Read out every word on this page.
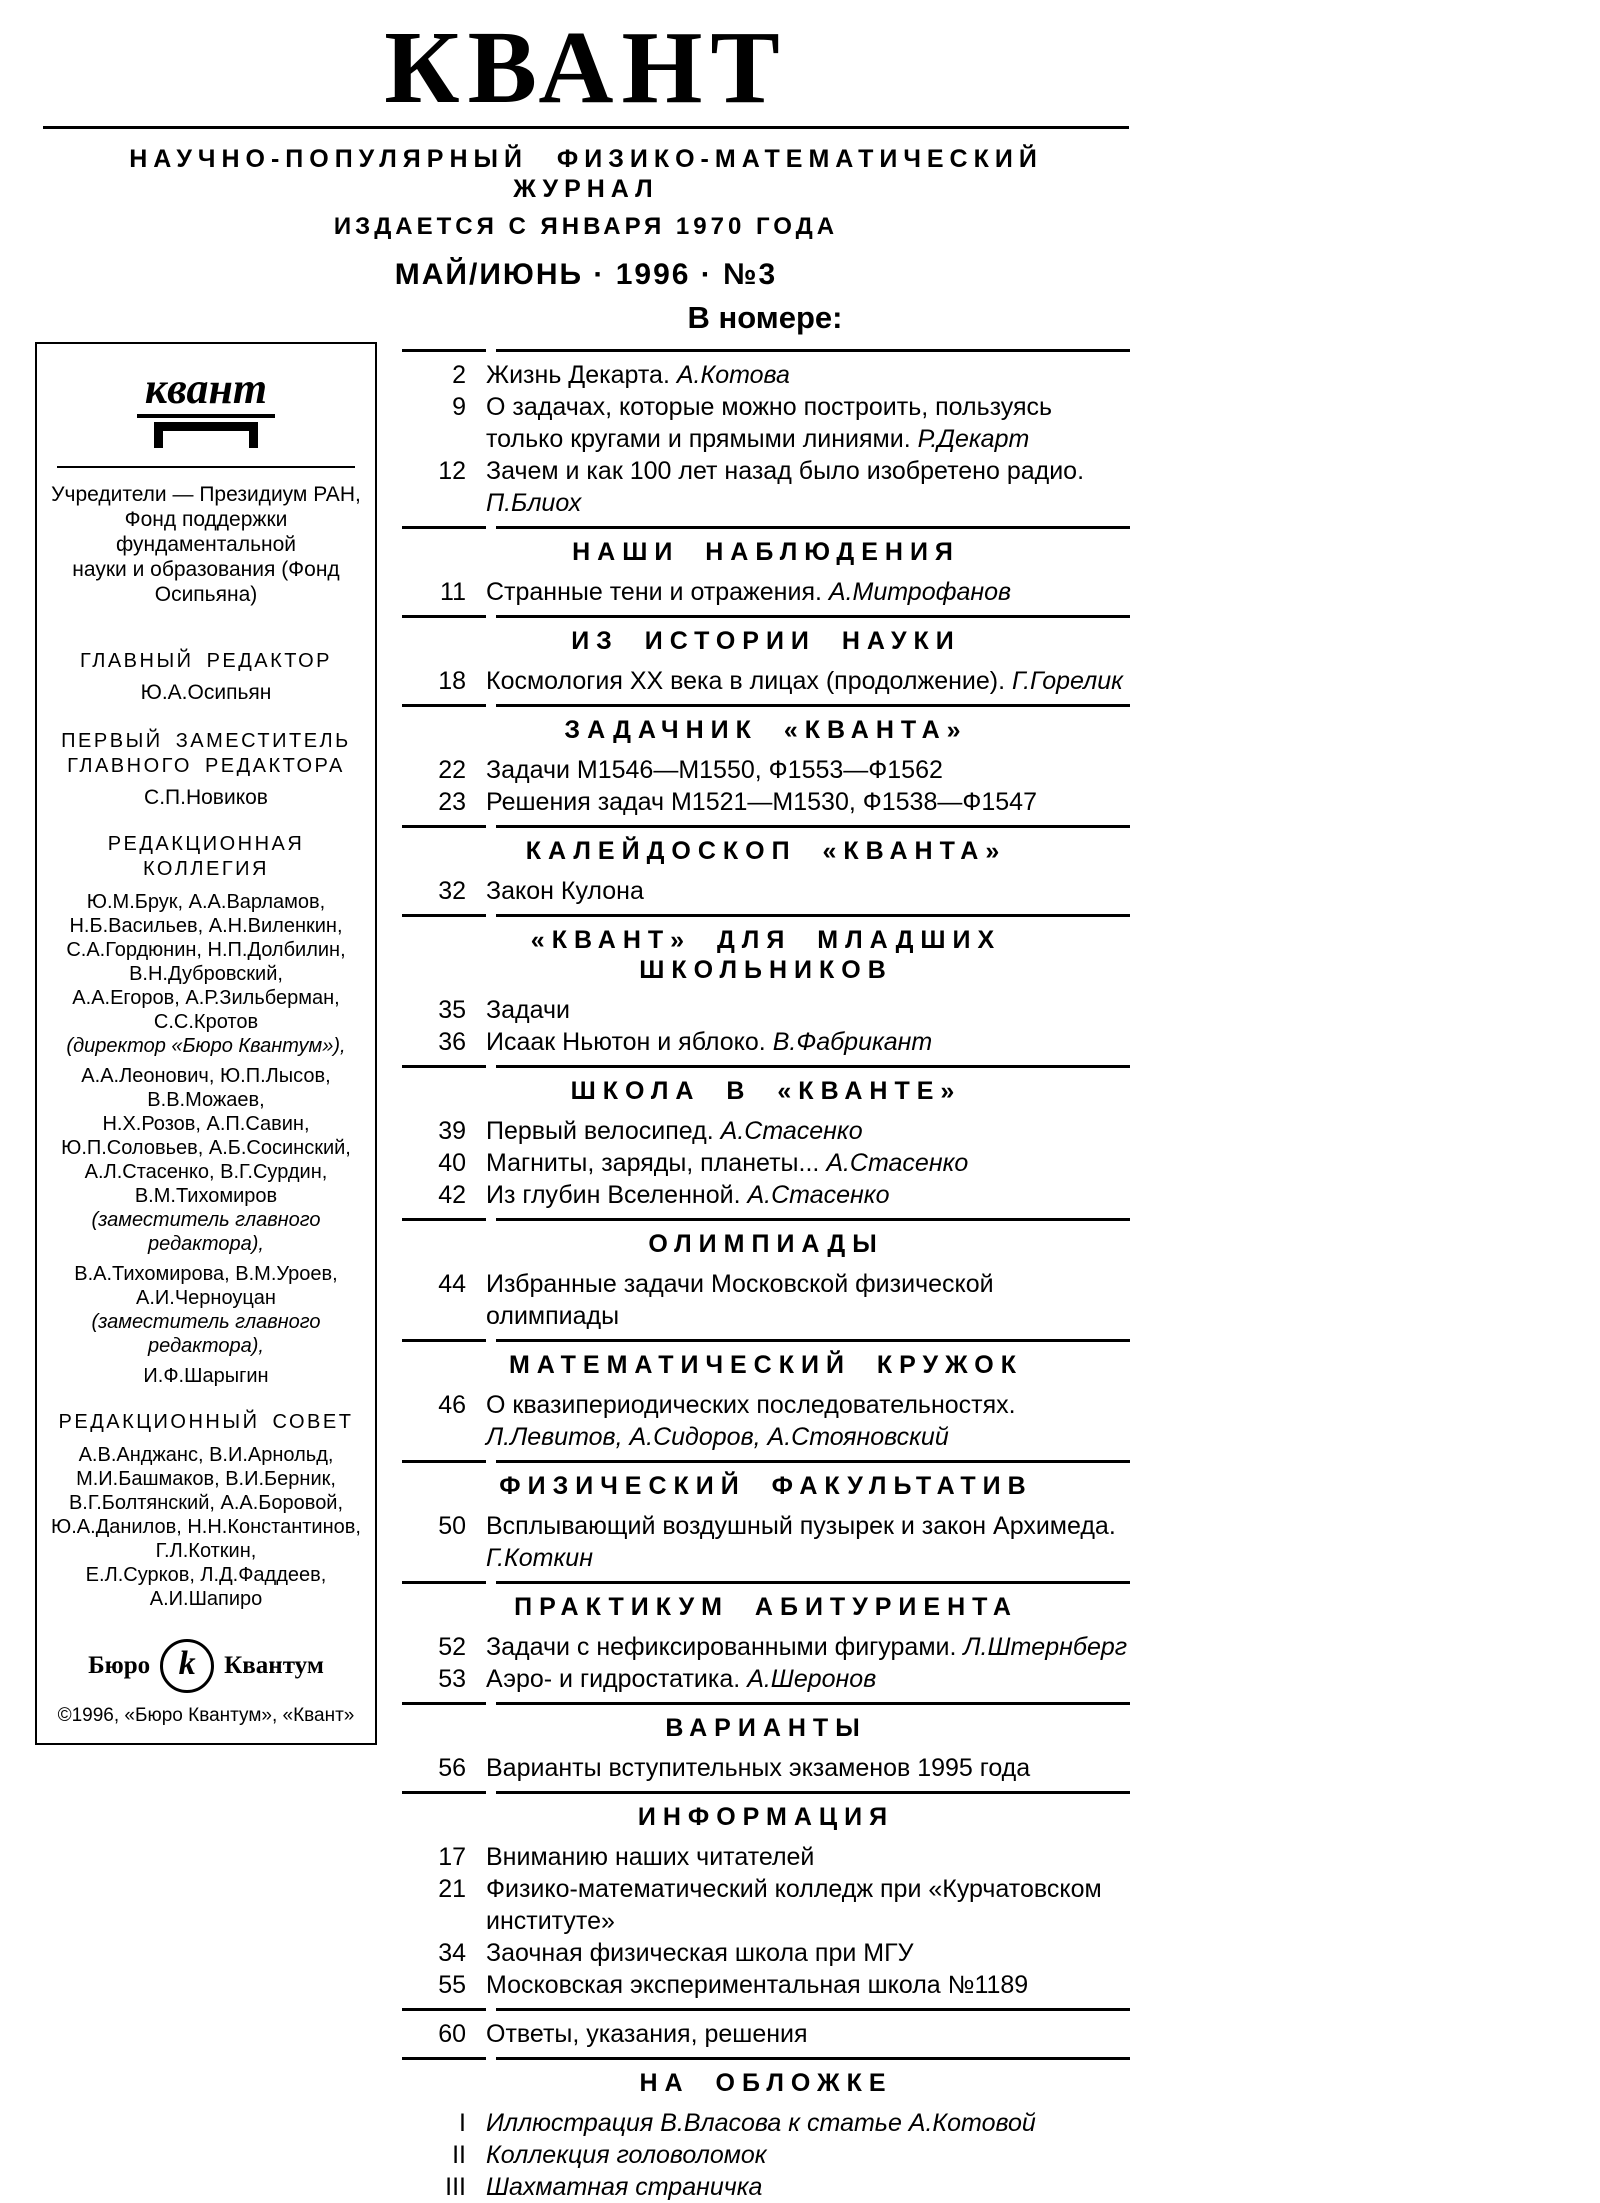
КВАНТ
НАУЧНО-ПОПУЛЯРНЫЙ ФИЗИКО-МАТЕМАТИЧЕСКИЙ ЖУРНАЛ
ИЗДАЕТСЯ С ЯНВАРЯ 1970 ГОДА
МАЙ/ИЮНЬ · 1996 · №3
В номере:
квант
Учредители — Президиум РАН,
Фонд поддержки фундаментальной
науки и образования (Фонд Осипьяна)
ГЛАВНЫЙ РЕДАКТОР
Ю.А.Осипьян
ПЕРВЫЙ ЗАМЕСТИТЕЛЬ ГЛАВНОГО РЕДАКТОРА
С.П.Новиков
РЕДАКЦИОННАЯ КОЛЛЕГИЯ
Ю.М.Брук, А.А.Варламов,
Н.Б.Васильев, А.Н.Виленкин,
С.А.Гордюнин, Н.П.Долбилин,
В.Н.Дубровский,
А.А.Егоров, А.Р.Зильберман,
С.С.Кротов
(директор «Бюро Квантум»),
А.А.Леонович, Ю.П.Лысов,
В.В.Можаев,
Н.Х.Розов, А.П.Савин,
Ю.П.Соловьев, А.Б.Сосинский,
А.Л.Стасенко, В.Г.Сурдин,
В.М.Тихомиров
(заместитель главного редактора),
В.А.Тихомирова, В.М.Уроев,
А.И.Черноуцан
(заместитель главного редактора),
И.Ф.Шарыгин
РЕДАКЦИОННЫЙ СОВЕТ
А.В.Анджанс, В.И.Арнольд,
М.И.Башмаков, В.И.Берник,
В.Г.Болтянский, А.А.Боровой,
Ю.А.Данилов, Н.Н.Константинов,
Г.Л.Коткин,
Е.Л.Сурков, Л.Д.Фаддеев,
А.И.Шапиро
Бюро k	Квантум
©1996, «Бюро Квантум», «Квант»
2 Жизнь Декарта. А.Котова
9 О задачах, которые можно построить, пользуясь только кругами и прямыми линиями. Р.Декарт
12 Зачем и как 100 лет назад было изобретено радио. П.Блиох
НАШИ НАБЛЮДЕНИЯ
11 Странные тени и отражения. А.Митрофанов
ИЗ ИСТОРИИ НАУКИ
18 Космология XX века в лицах (продолжение). Г.Горелик
ЗАДАЧНИК «КВАНТА»
22 Задачи М1546—М1550, Ф1553—Ф1562
23 Решения задач М1521—М1530, Ф1538—Ф1547
КАЛЕЙДОСКОП «КВАНТА»
32 Закон Кулона
«КВАНТ» ДЛЯ МЛАДШИХ ШКОЛЬНИКОВ
35 Задачи
36 Исаак Ньютон и яблоко. В.Фабрикант
ШКОЛА В «КВАНТЕ»
39 Первый велосипед. А.Стасенко
40 Магниты, заряды, планеты... А.Стасенко
42 Из глубин Вселенной. А.Стасенко
ОЛИМПИАДЫ
44 Избранные задачи Московской физической олимпиады
МАТЕМАТИЧЕСКИЙ КРУЖОК
46 О квазипериодических последовательностях. Л.Левитов, А.Сидоров, А.Стояновский
ФИЗИЧЕСКИЙ ФАКУЛЬТАТИВ
50 Всплывающий воздушный пузырек и закон Архимеда. Г.Коткин
ПРАКТИКУМ АБИТУРИЕНТА
52 Задачи с нефиксированными фигурами. Л.Штернберг
53 Аэро- и гидростатика. А.Шеронов
ВАРИАНТЫ
56 Варианты вступительных экзаменов 1995 года
ИНФОРМАЦИЯ
17 Вниманию наших читателей
21 Физико-математический колледж при «Курчатовском институте»
34 Заочная физическая школа при МГУ
55 Московская экспериментальная школа №1189
60 Ответы, указания, решения
НА ОБЛОЖКЕ
I Иллюстрация В.Власова к статье А.Котовой
II Коллекция головоломок
III Шахматная страничка
